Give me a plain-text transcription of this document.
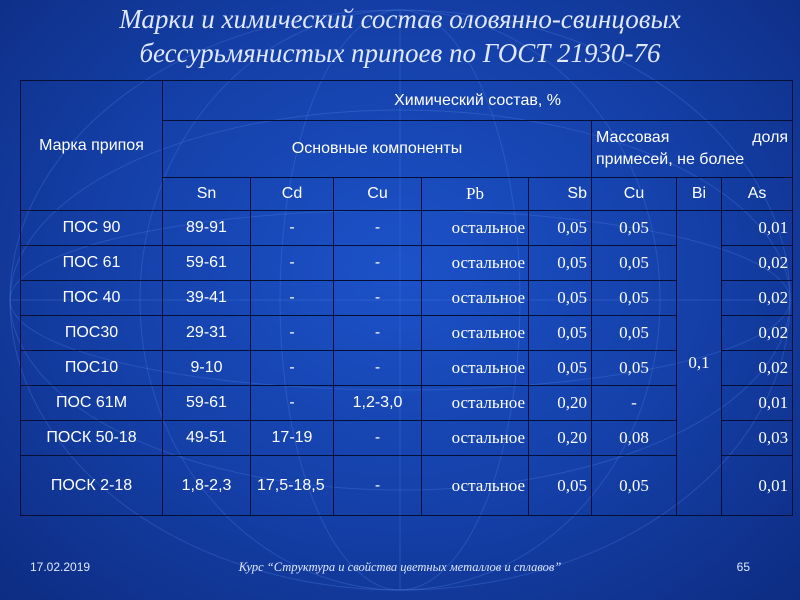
Марки и химический состав оловянно-свинцовых
бессурьмянистых припоев по ГОСТ 21930-76
Марка припоя	Химический состав, %							
	Основные компоненты					Массовая доля примесей, не более		
	Sn	Cd	Cu	Pb	Sb	Cu	Bi	As
ПОС 90	89-91	-	-	остальное	0,05	0,05	0,1	0,01
ПОС 61	59-61	-	-	остальное	0,05	0,05		0,02
ПОС 40	39-41	-	-	остальное	0,05	0,05		0,02
ПОС30	29-31	-	-	остальное	0,05	0,05		0,02
ПОС10	9-10	-	-	остальное	0,05	0,05		0,02
ПОС 61М	59-61	-	1,2-3,0	остальное	0,20	-		0,01
ПОСК 50-18	49-51	17-19	-	остальное	0,20	0,08		0,03
ПОСК 2-18	1,8-2,3	17,5-18,5	-	остальное	0,05	0,05		0,01
17.02.2019	Курс “Структура и свойства цветных металлов и сплавов”	65
